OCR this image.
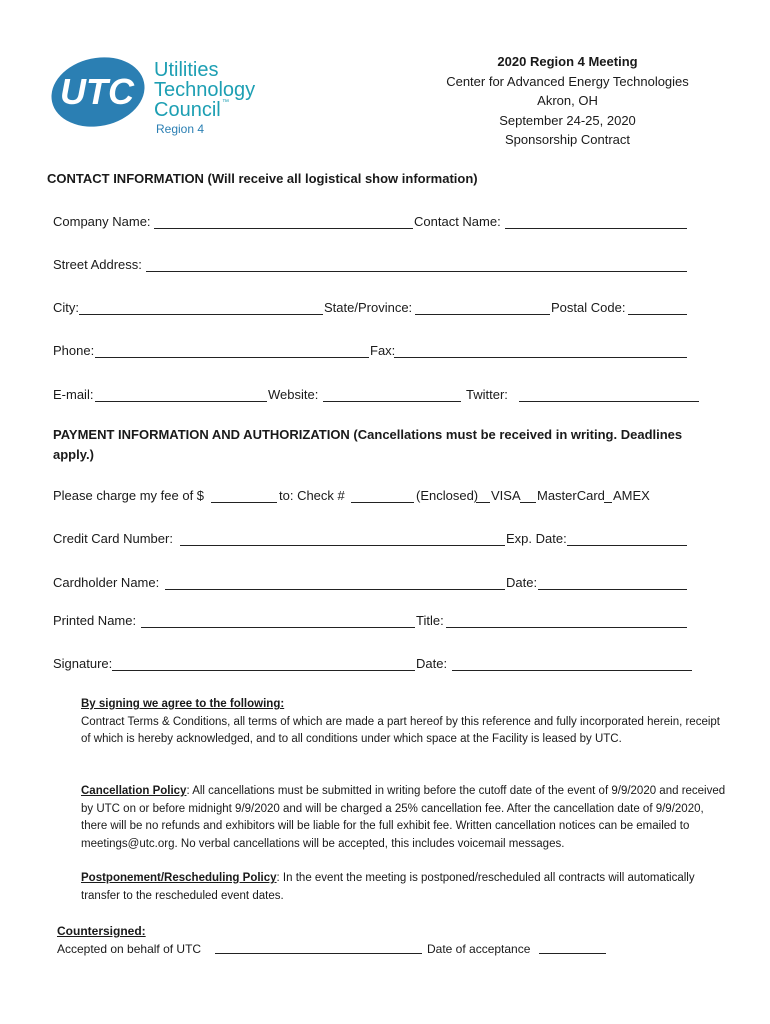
UTC
Utilities
Technology
Council ™
Region 4
2020 Region 4 Meeting
Center for Advanced Energy Technologies
Akron, OH
September 24-25, 2020
Sponsorship Contract
CONTACT INFORMATION (Will receive all logistical show information)
Company Name:	Contact Name:
Street Address:
City:	State/Province:	Postal Code:
Phone:	Fax:
E-mail:	Website:	Twitter:
PAYMENT INFORMATION AND AUTHORIZATION (Cancellations must be received in writing. Deadlines
apply.)
Please charge my fee of $	to: Check #	(Enclosed) VISA MasterCard AMEX
Credit Card Number:	Exp. Date:
Cardholder Name:	Date:
Printed Name:	Title:
Signature:	Date:
By signing we agree to the following:
Contract Terms & Conditions, all terms of which are made a part hereof by this reference and fully incorporated herein, receipt of which is hereby acknowledged, and to all conditions under which space at the Facility is leased by UTC.
Cancellation Policy: All cancellations must be submitted in writing before the cutoff date of the event of 9/9/2020 and received by UTC on or before midnight 9/9/2020 and will be charged a 25% cancellation fee. After the cancellation date of 9/9/2020, there will be no refunds and exhibitors will be liable for the full exhibit fee. Written cancellation notices can be emailed to meetings@utc.org. No verbal cancellations will be accepted, this includes voicemail messages.
Postponement/Rescheduling Policy: In the event the meeting is postponed/rescheduled all contracts will automatically transfer to the rescheduled event dates.
Countersigned:
Accepted on behalf of UTC	Date of acceptance
